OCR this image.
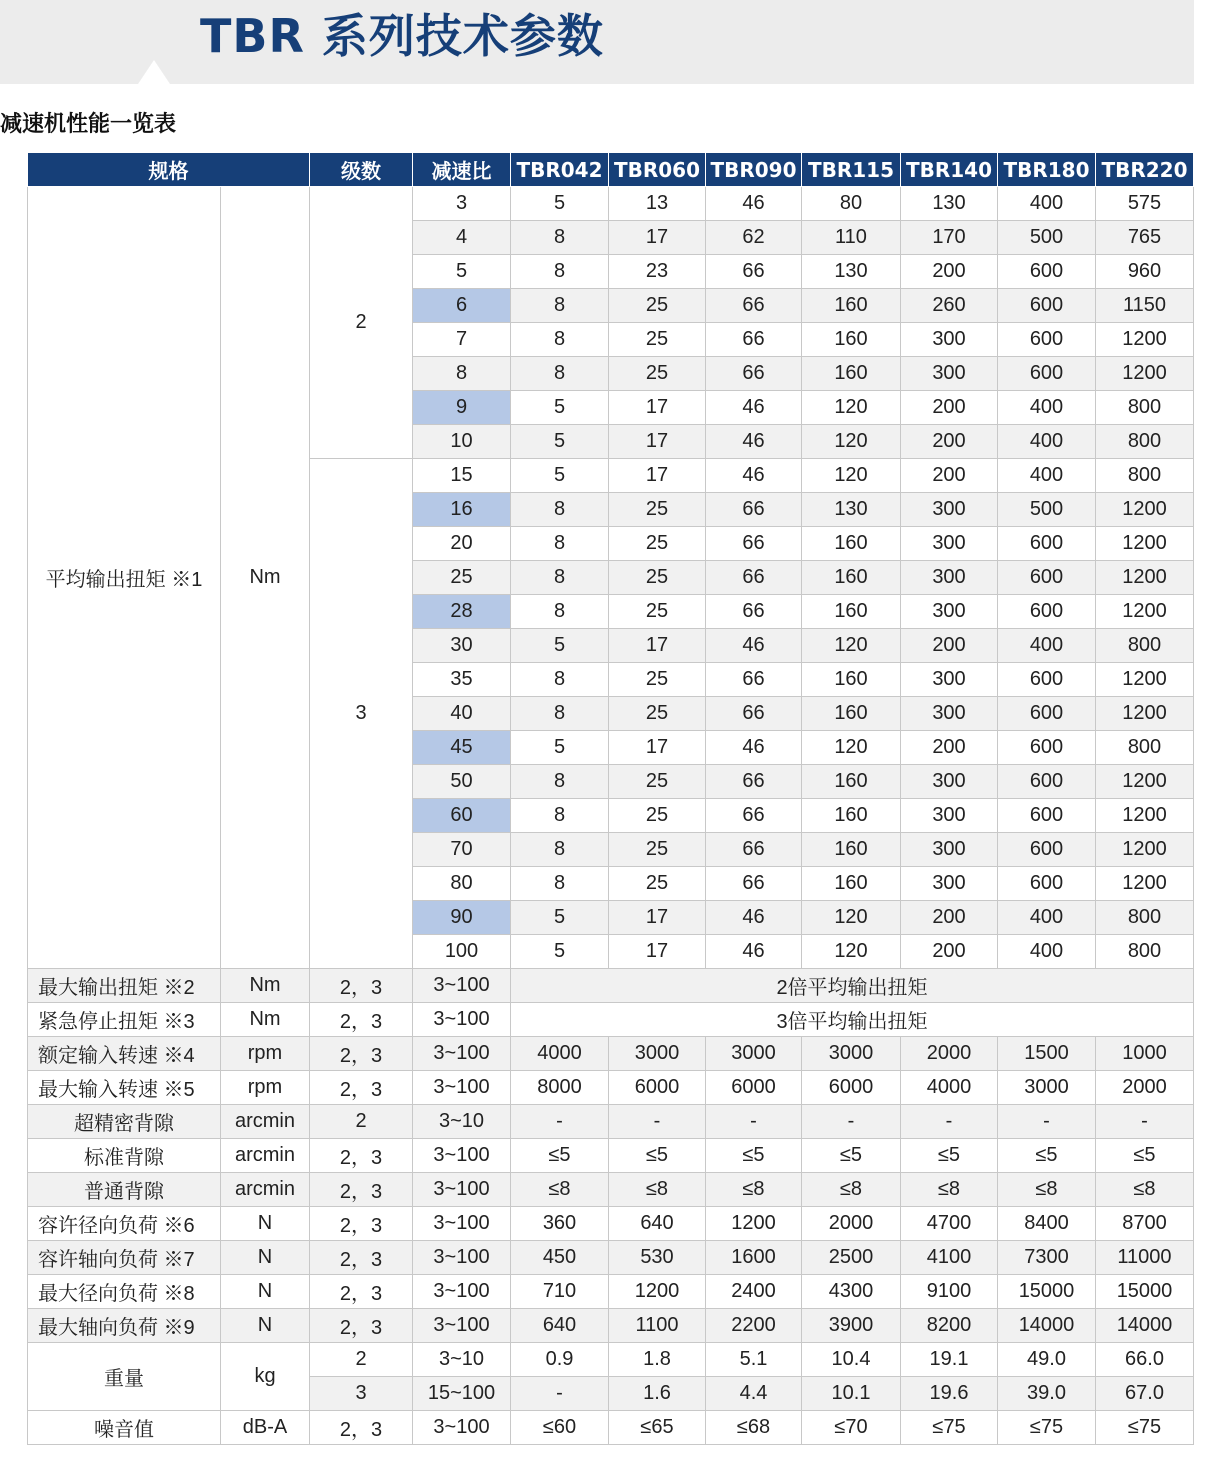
TBR 系列技术参数
减速机性能一览表
规格		级数	减速比	TBR042	TBR060	TBR090	TBR115	TBR140	TBR180	TBR220
平均输出扭矩 ※1	Nm	2	3	5	13	46	80	130	400	575
			4	8	17	62	110	170	500	765
			5	8	23	66	130	200	600	960
			6	8	25	66	160	260	600	1150
			7	8	25	66	160	300	600	1200
			8	8	25	66	160	300	600	1200
			9	5	17	46	120	200	400	800
			10	5	17	46	120	200	400	800
		3	15	5	17	46	120	200	400	800
			16	8	25	66	130	300	500	1200
			20	8	25	66	160	300	600	1200
			25	8	25	66	160	300	600	1200
			28	8	25	66	160	300	600	1200
			30	5	17	46	120	200	400	800
			35	8	25	66	160	300	600	1200
			40	8	25	66	160	300	600	1200
			45	5	17	46	120	200	600	800
			50	8	25	66	160	300	600	1200
			60	8	25	66	160	300	600	1200
			70	8	25	66	160	300	600	1200
			80	8	25	66	160	300	600	1200
			90	5	17	46	120	200	400	800
			100	5	17	46	120	200	400	800
最大输出扭矩 ※2	Nm	2，3	3~100	2倍平均输出扭矩						
紧急停止扭矩 ※3	Nm	2，3	3~100	3倍平均输出扭矩						
额定输入转速 ※4	rpm	2，3	3~100	4000	3000	3000	3000	2000	1500	1000
最大输入转速 ※5	rpm	2，3	3~100	8000	6000	6000	6000	4000	3000	2000
超精密背隙	arcmin	2	3~10	-	-	-	-	-	-	-
标准背隙	arcmin	2，3	3~100	≤5	≤5	≤5	≤5	≤5	≤5	≤5
普通背隙	arcmin	2，3	3~100	≤8	≤8	≤8	≤8	≤8	≤8	≤8
容许径向负荷 ※6	N	2，3	3~100	360	640	1200	2000	4700	8400	8700
容许轴向负荷 ※7	N	2，3	3~100	450	530	1600	2500	4100	7300	11000
最大径向负荷 ※8	N	2，3	3~100	710	1200	2400	4300	9100	15000	15000
最大轴向负荷 ※9	N	2，3	3~100	640	1100	2200	3900	8200	14000	14000
重量	kg	2	3~10	0.9	1.8	5.1	10.4	19.1	49.0	66.0
		3	15~100	-	1.6	4.4	10.1	19.6	39.0	67.0
噪音值	dB-A	2，3	3~100	≤60	≤65	≤68	≤70	≤75	≤75	≤75
